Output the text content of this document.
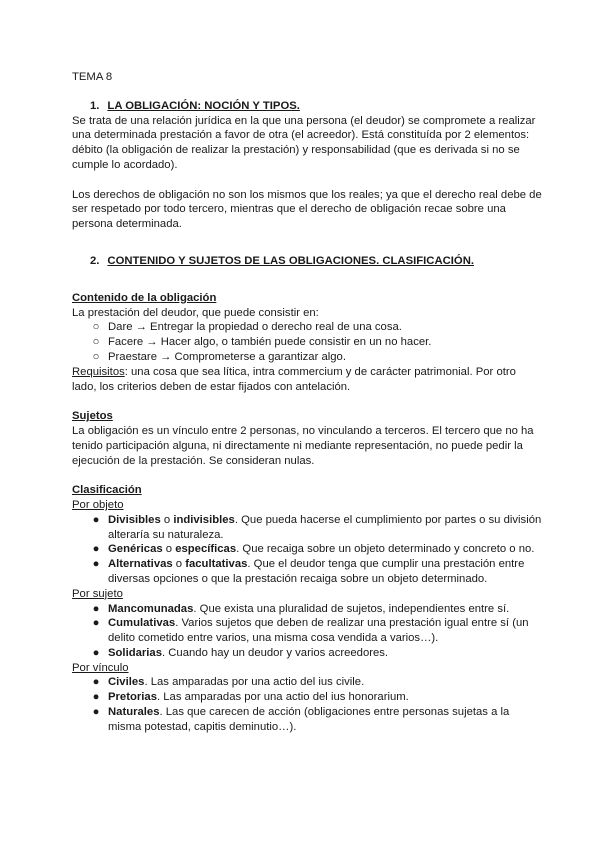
TEMA 8

1. LA OBLIGACIÓN: NOCIÓN Y TIPOS.

Se trata de una relación jurídica en la que una persona (el deudor) se compromete a realizar una determinada prestación a favor de otra (el acreedor). Está constituída por 2 elementos: débito (la obligación de realizar la prestación) y responsabilidad (que es derivada si no se cumple lo acordado).

Los derechos de obligación no son los mismos que los reales; ya que el derecho real debe de ser respetado por todo tercero, mientras que el derecho de obligación recae sobre una persona determinada.

2. CONTENIDO Y SUJETOS DE LAS OBLIGACIONES. CLASIFICACIÓN.

Contenido de la obligación

La prestación del deudor, que puede consistir en:

○ Dare → Entregar la propiedad o derecho real de una cosa.
○ Facere → Hacer algo, o también puede consistir en un no hacer.
○ Praestare → Comprometerse a garantizar algo.

Requisitos: una cosa que sea lítica, intra commercium y de carácter patrimonial. Por otro lado, los criterios deben de estar fijados con antelación.

Sujetos

La obligación es un vínculo entre 2 personas, no vinculando a terceros. El tercero que no ha tenido participación alguna, ni directamente ni mediante representación, no puede pedir la ejecución de la prestación. Se consideran nulas.

Clasificación

Por objeto

● Divisibles o indivisibles. Que pueda hacerse el cumplimiento por partes o su división alteraría su naturaleza.
● Genéricas o específicas. Que recaiga sobre un objeto determinado y concreto o no.
● Alternativas o facultativas. Que el deudor tenga que cumplir una prestación entre diversas opciones o que la prestación recaiga sobre un objeto determinado.

Por sujeto

● Mancomunadas. Que exista una pluralidad de sujetos, independientes entre sí.
● Cumulativas. Varios sujetos que deben de realizar una prestación igual entre sí (un delito cometido entre varios, una misma cosa vendida a varios…).
● Solidarias. Cuando hay un deudor y varios acreedores.

Por vínculo

● Civiles. Las amparadas por una actio del ius civile.
● Pretorias. Las amparadas por una actio del ius honorarium.
● Naturales. Las que carecen de acción (obligaciones entre personas sujetas a la misma potestad, capitis deminutio…).
